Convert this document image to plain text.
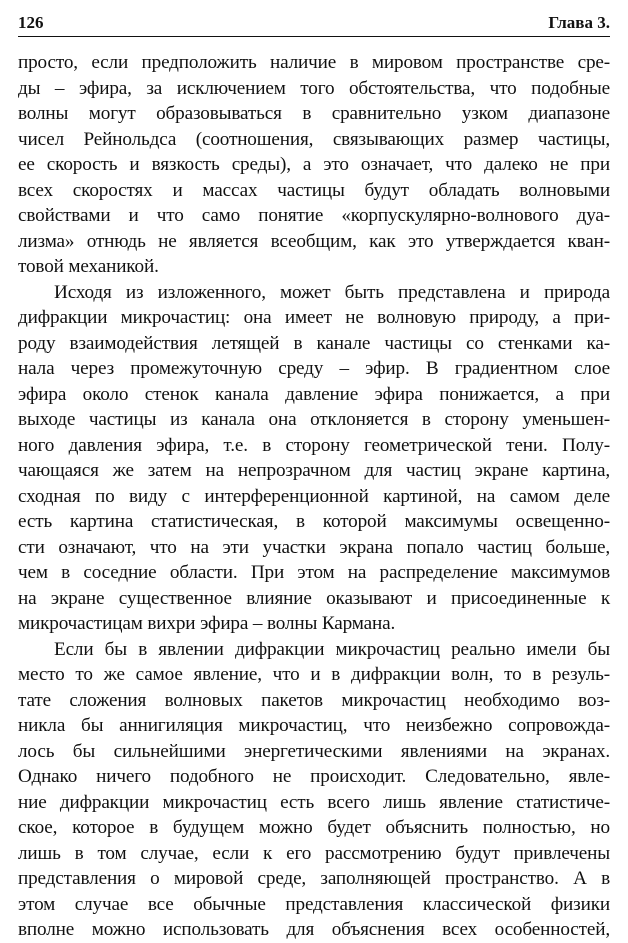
126	Глава 3.

просто, если предположить наличие в мировом пространстве сре-
ды – эфира, за исключением того обстоятельства, что подобные
волны могут образовываться в сравнительно узком диапазоне
чисел Рейнольдса (соотношения, связывающих размер частицы,
ее скорость и вязкость среды), а это означает, что далеко не при
всех скоростях и массах частицы будут обладать волновыми
свойствами и что само понятие «корпускулярно-волнового дуа-
лизма» отнюдь не является всеобщим, как это утверждается кван-
товой механикой.

Исходя из изложенного, может быть представлена и природа
дифракции микрочастиц: она имеет не волновую природу, а при-
роду взаимодействия летящей в канале частицы со стенками ка-
нала через промежуточную среду – эфир. В градиентном слое
эфира около стенок канала давление эфира понижается, а при
выходе частицы из канала она отклоняется в сторону уменьшен-
ного давления эфира, т.е. в сторону геометрической тени. Полу-
чающаяся же затем на непрозрачном для частиц экране картина,
сходная по виду с интерференционной картиной, на самом деле
есть картина статистическая, в которой максимумы освещенно-
сти означают, что на эти участки экрана попало частиц больше,
чем в соседние области. При этом на распределение максимумов
на экране существенное влияние оказывают и присоединенные к
микрочастицам вихри эфира – волны Кармана.

Если бы в явлении дифракции микрочастиц реально имели бы
место то же самое явление, что и в дифракции волн, то в резуль-
тате сложения волновых пакетов микрочастиц необходимо воз-
никла бы аннигиляция микрочастиц, что неизбежно сопровожда-
лось бы сильнейшими энергетическими явлениями на экранах.
Однако ничего подобного не происходит. Следовательно, явле-
ние дифракции микрочастиц есть всего лишь явление статистиче-
ское, которое в будущем можно будет объяснить полностью, но
лишь в том случае, если к его рассмотрению будут привлечены
представления о мировой среде, заполняющей пространство. А в
этом случае все обычные представления классической физики
вполне можно использовать для объяснения всех особенностей,
